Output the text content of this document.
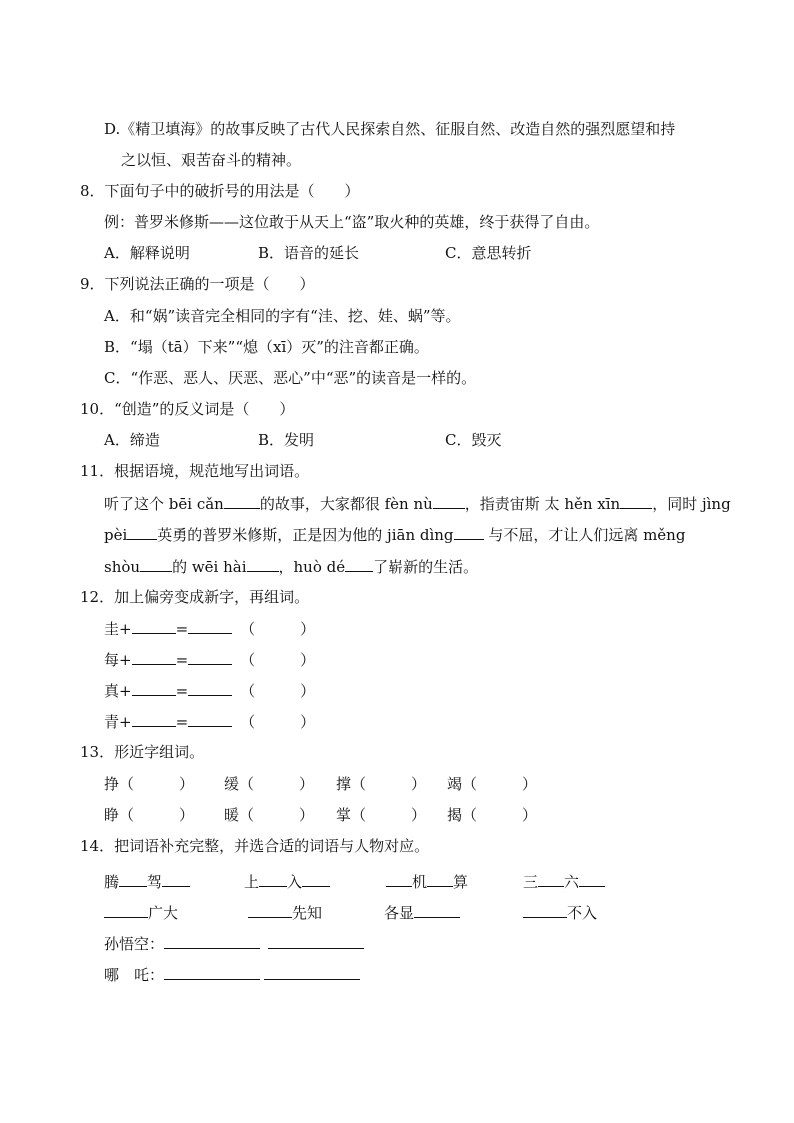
D.《精卫填海》的故事反映了古代人民探索自然、征服自然、改造自然的强烈愿望和持
之以恒、艰苦奋斗的精神。
8．下面句子中的破折号的用法是（　　）
例：普罗米修斯——这位敢于从天上“盗”取火种的英雄，终于获得了自由。
A．解释说明	B．语音的延长	C．意思转折
9．下列说法正确的一项是（　　）
A．和“娲”读音完全相同的字有“洼、挖、娃、蜗”等。
B．“塌（tā）下来”“熄（xī）灭”的注音都正确。
C．“作恶、恶人、厌恶、恶心”中“恶”的读音是一样的。
10．“创造”的反义词是（　　）
A．缔造	B．发明	C．毁灭
11．根据语境，规范地写出词语。
听了这个 bēi cǎn 的故事，大家都很 fèn nù ，指责宙斯 太 hěn xīn ，同时 jìng
pèi 英勇的普罗米修斯，正是因为他的 jiān dìng 与不屈，才让人们远离 měng
shòu 的 wēi hài ，huò dé 了崭新的生活。
12．加上偏旁变成新字，再组词。
圭+	=	（　　　）
每+	=	（　　　）
真+	=	（　　　）
青+	=	（　　　）
13．形近字组词。
挣（　　　） 缓（　　　） 撑（　　　） 竭（　　　）
睁（　　　） 暖（　　　） 掌（　　　） 揭（　　　）
14．把词语补充完整，并选合适的词语与人物对应。
腾 驾	上 入	机 算	三 六
广大	先知	各显	不入
孙悟空：
哪　吒：
